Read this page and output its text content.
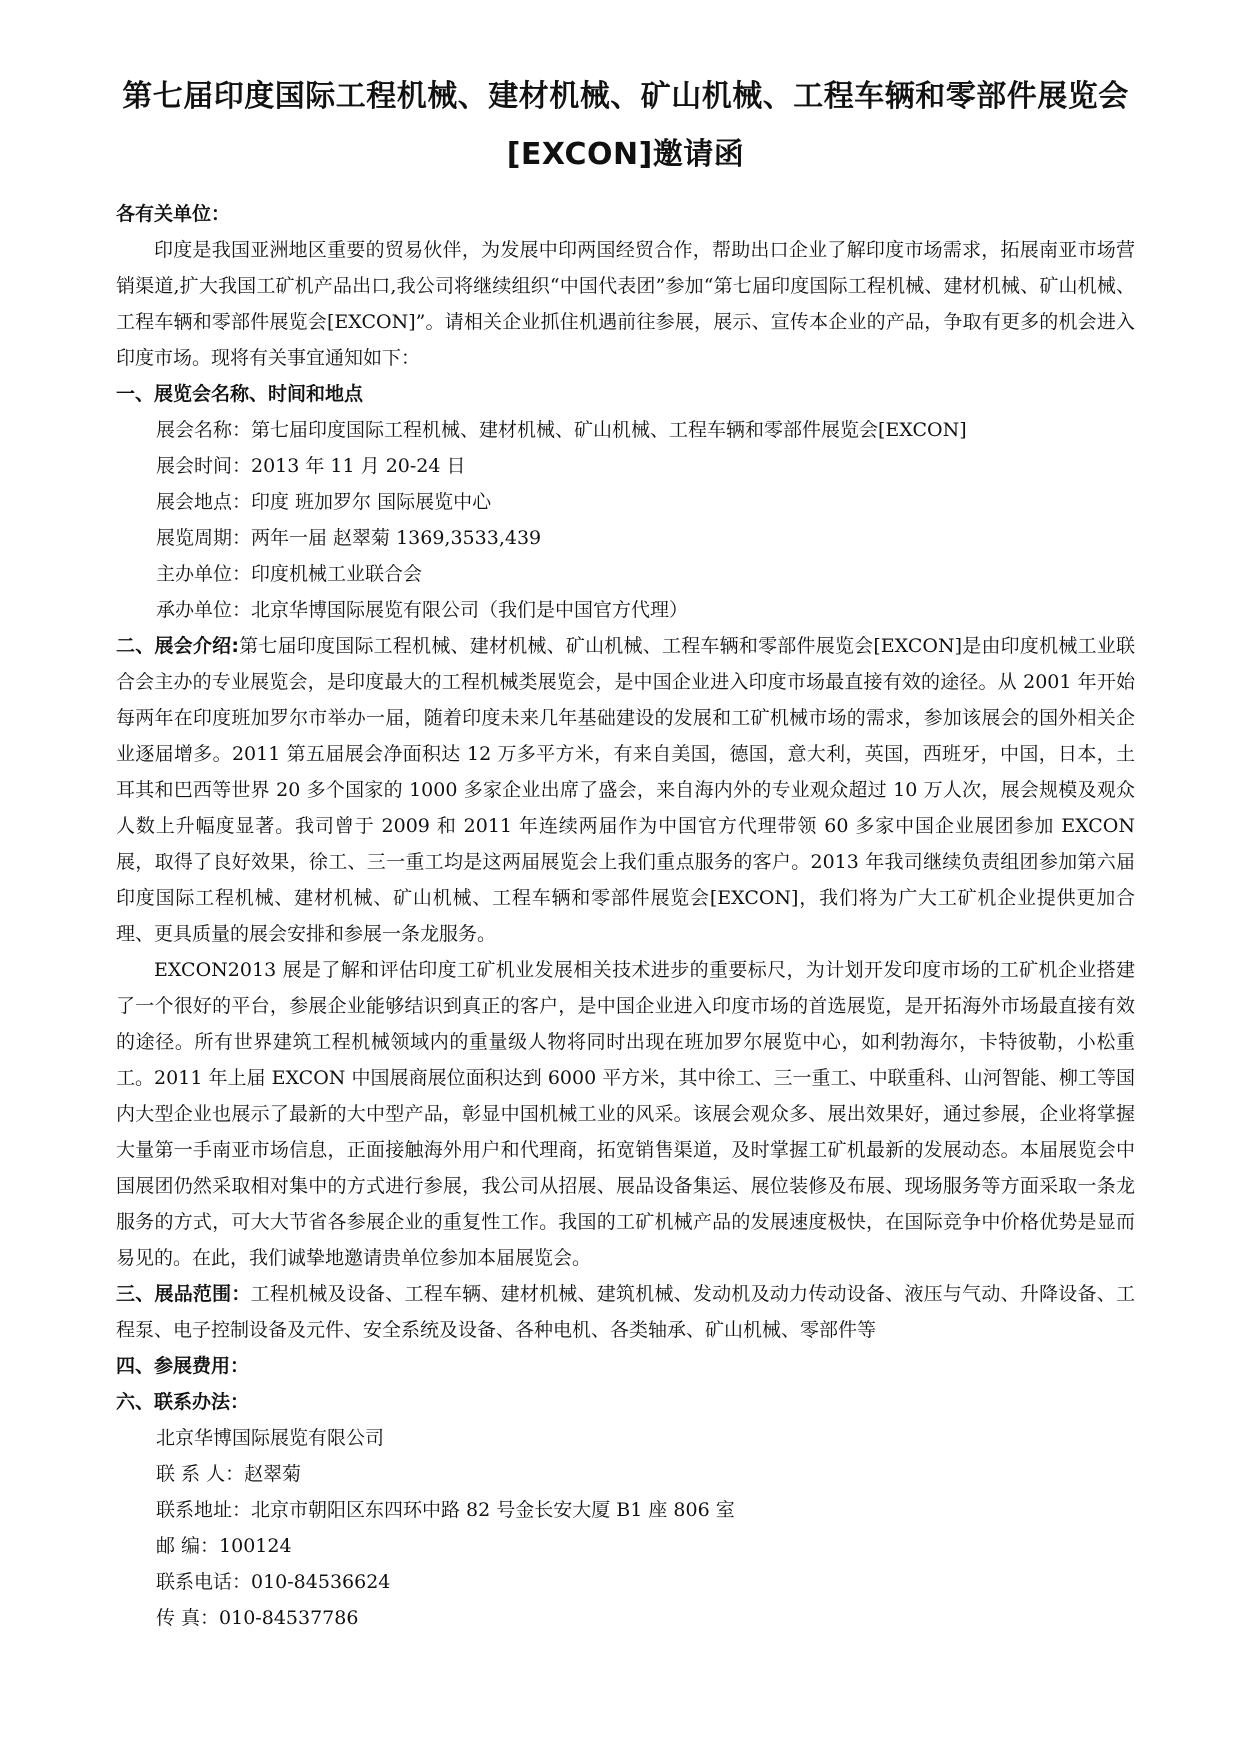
第七届印度国际工程机械、建材机械、矿山机械、工程车辆和零部件展览会[EXCON]邀请函

各有关单位：

印度是我国亚洲地区重要的贸易伙伴，为发展中印两国经贸合作，帮助出口企业了解印度市场需求，拓展南亚市场营销渠道,扩大我国工矿机产品出口,我公司将继续组织“中国代表团”参加“第七届印度国际工程机械、建材机械、矿山机械、工程车辆和零部件展览会[EXCON]”。请相关企业抓住机遇前往参展，展示、宣传本企业的产品，争取有更多的机会进入印度市场。现将有关事宜通知如下：

一、展览会名称、时间和地点

展会名称：第七届印度国际工程机械、建材机械、矿山机械、工程车辆和零部件展览会[EXCON]

展会时间：2013 年 11 月 20-24 日

展会地点：印度 班加罗尔 国际展览中心

展览周期：两年一届 赵翠菊 1369,3533,439

主办单位：印度机械工业联合会

承办单位：北京华博国际展览有限公司（我们是中国官方代理）

二、展会介绍:第七届印度国际工程机械、建材机械、矿山机械、工程车辆和零部件展览会[EXCON]是由印度机械工业联合会主办的专业展览会，是印度最大的工程机械类展览会，是中国企业进入印度市场最直接有效的途径。从 2001 年开始每两年在印度班加罗尔市举办一届，随着印度未来几年基础建设的发展和工矿机械市场的需求，参加该展会的国外相关企业逐届增多。2011 第五届展会净面积达 12 万多平方米，有来自美国，德国，意大利，英国，西班牙，中国，日本，土耳其和巴西等世界 20 多个国家的 1000 多家企业出席了盛会，来自海内外的专业观众超过 10 万人次，展会规模及观众人数上升幅度显著。我司曾于 2009 和 2011 年连续两届作为中国官方代理带领 60 多家中国企业展团参加 EXCON 展，取得了良好效果，徐工、三一重工均是这两届展览会上我们重点服务的客户。2013 年我司继续负责组团参加第六届印度国际工程机械、建材机械、矿山机械、工程车辆和零部件展览会[EXCON]，我们将为广大工矿机企业提供更加合理、更具质量的展会安排和参展一条龙服务。

EXCON2013 展是了解和评估印度工矿机业发展相关技术进步的重要标尺，为计划开发印度市场的工矿机企业搭建了一个很好的平台，参展企业能够结识到真正的客户，是中国企业进入印度市场的首选展览，是开拓海外市场最直接有效的途径。所有世界建筑工程机械领域内的重量级人物将同时出现在班加罗尔展览中心，如利勃海尔，卡特彼勒，小松重工。2011 年上届 EXCON 中国展商展位面积达到 6000 平方米，其中徐工、三一重工、中联重科、山河智能、柳工等国内大型企业也展示了最新的大中型产品，彰显中国机械工业的风采。该展会观众多、展出效果好，通过参展，企业将掌握大量第一手南亚市场信息，正面接触海外用户和代理商，拓宽销售渠道，及时掌握工矿机最新的发展动态。本届展览会中国展团仍然采取相对集中的方式进行参展，我公司从招展、展品设备集运、展位装修及布展、现场服务等方面采取一条龙服务的方式，可大大节省各参展企业的重复性工作。我国的工矿机械产品的发展速度极快，在国际竞争中价格优势是显而易见的。在此，我们诚挚地邀请贵单位参加本届展览会。

三、展品范围：工程机械及设备、工程车辆、建材机械、建筑机械、发动机及动力传动设备、液压与气动、升降设备、工程泵、电子控制设备及元件、安全系统及设备、各种电机、各类轴承、矿山机械、零部件等

四、参展费用：

六、联系办法：

北京华博国际展览有限公司

联 系 人：赵翠菊

联系地址：北京市朝阳区东四环中路 82 号金长安大厦 B1 座 806 室

邮 编：100124

联系电话：010-84536624

传 真：010-84537786
